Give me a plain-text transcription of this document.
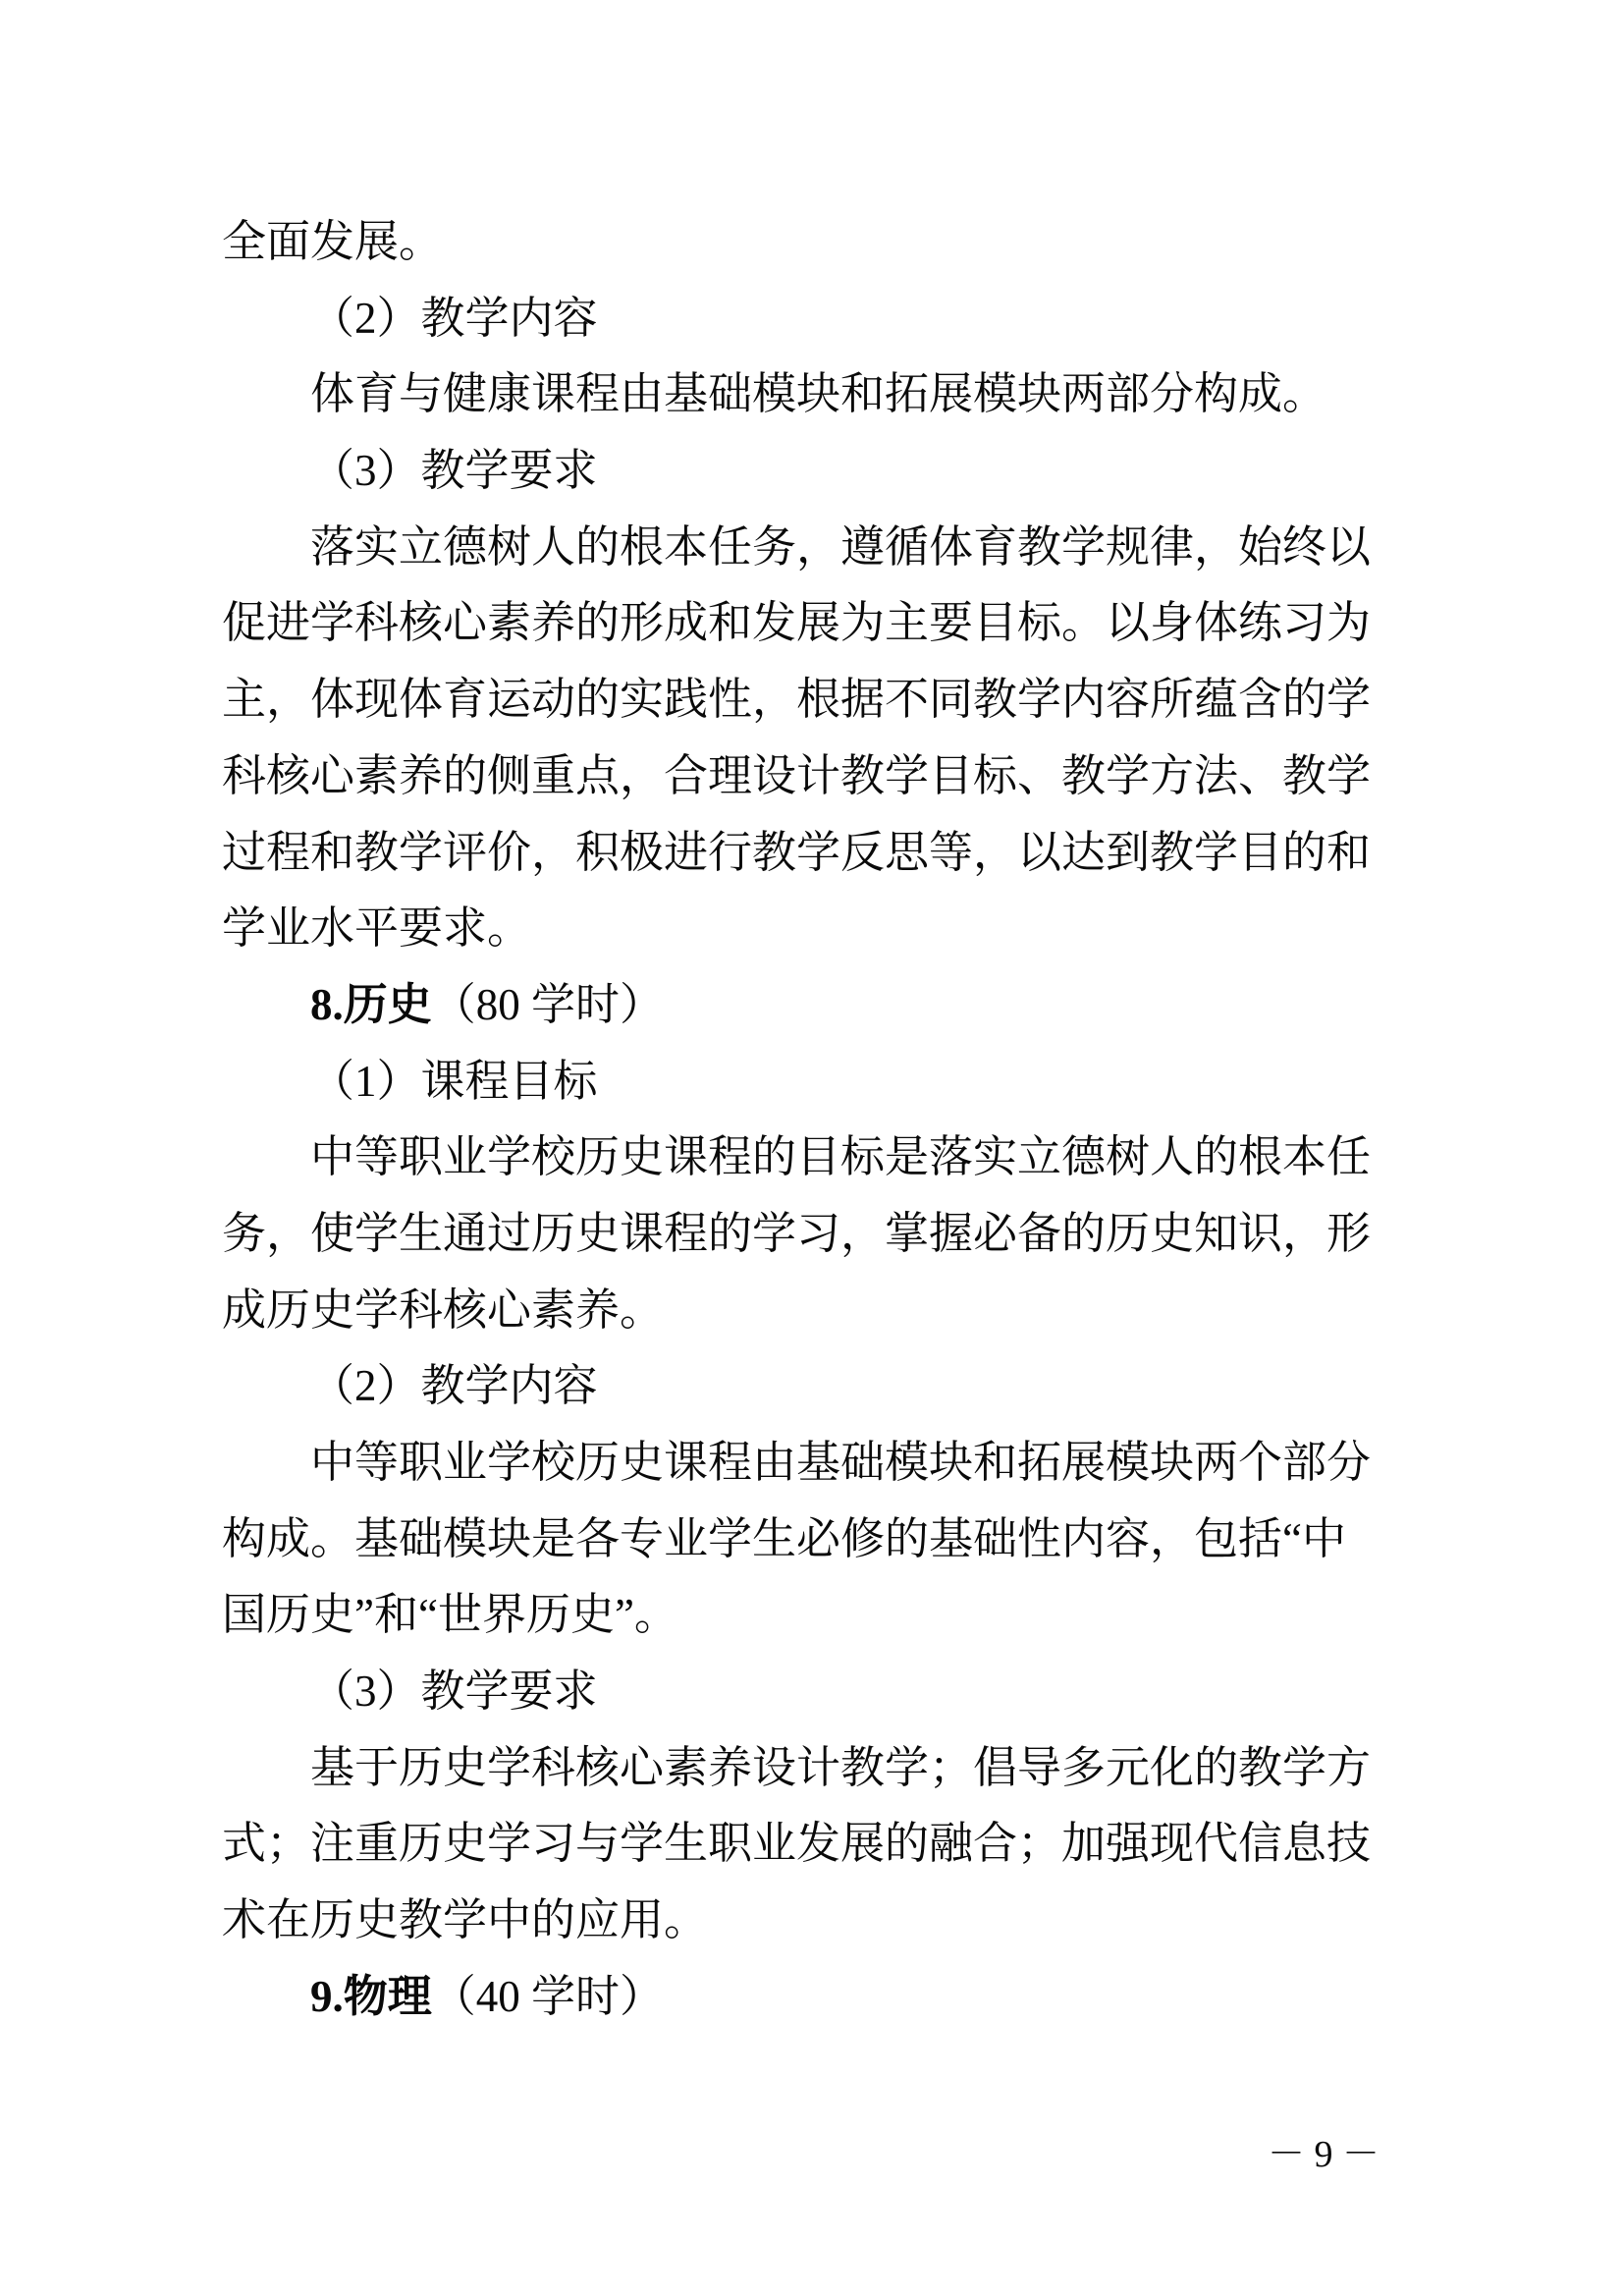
全面发展。
（2）教学内容
体育与健康课程由基础模块和拓展模块两部分构成。
（3）教学要求
落实立德树人的根本任务，遵循体育教学规律，始终以
促进学科核心素养的形成和发展为主要目标。以身体练习为
主，体现体育运动的实践性，根据不同教学内容所蕴含的学
科核心素养的侧重点，合理设计教学目标、教学方法、教学
过程和教学评价，积极进行教学反思等，以达到教学目的和
学业水平要求。
8.历史（80 学时）
（1）课程目标
中等职业学校历史课程的目标是落实立德树人的根本任
务，使学生通过历史课程的学习，掌握必备的历史知识，形
成历史学科核心素养。
（2）教学内容
中等职业学校历史课程由基础模块和拓展模块两个部分
构成。基础模块是各专业学生必修的基础性内容，包括“中
国历史”和“世界历史”。
（3）教学要求
基于历史学科核心素养设计教学；倡导多元化的教学方
式；注重历史学习与学生职业发展的融合；加强现代信息技
术在历史教学中的应用。
9.物理（40 学时）
－ 9 －
